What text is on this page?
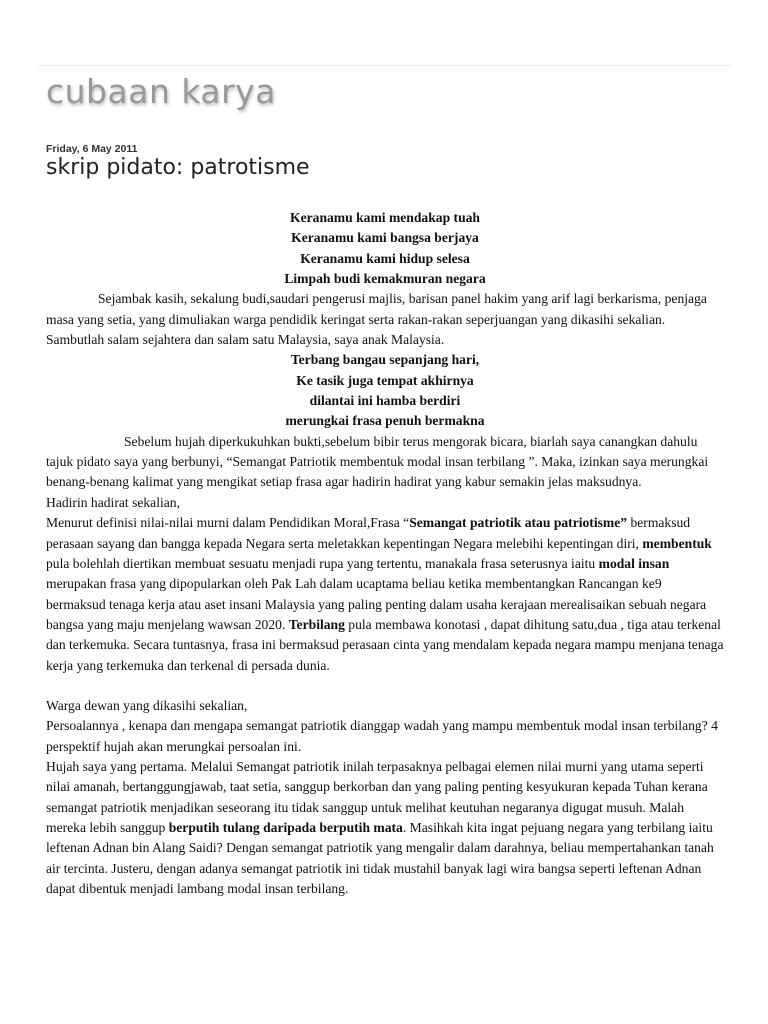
cubaan karya
Friday, 6 May 2011
skrip pidato: patrotisme

Keranamu kami mendakap tuah

Keranamu kami bangsa berjaya

Keranamu kami hidup selesa

Limpah budi kemakmuran negara

Sejambak kasih, sekalung budi,saudari pengerusi majlis, barisan panel hakim yang arif lagi berkarisma, penjaga masa yang setia, yang dimuliakan warga pendidik keringat serta rakan-rakan seperjuangan yang dikasihi sekalian.

Sambutlah salam sejahtera dan salam satu Malaysia, saya anak Malaysia.

Terbang bangau sepanjang hari,

Ke tasik juga tempat akhirnya

dilantai ini hamba berdiri

merungkai frasa penuh bermakna

Sebelum hujah diperkukuhkan bukti,sebelum bibir terus mengorak bicara, biarlah saya canangkan dahulu tajuk pidato saya yang berbunyi, “Semangat Patriotik membentuk modal insan terbilang ”. Maka, izinkan saya merungkai benang-benang kalimat yang mengikat setiap frasa agar hadirin hadirat yang kabur semakin jelas maksudnya.

Hadirin hadirat sekalian,

Menurut definisi nilai-nilai murni dalam Pendidikan Moral,Frasa “Semangat patriotik atau patriotisme” bermaksud perasaan sayang dan bangga kepada Negara serta meletakkan kepentingan Negara melebihi kepentingan diri, membentuk pula bolehlah diertikan membuat sesuatu menjadi rupa yang tertentu, manakala frasa seterusnya iaitu modal insan merupakan frasa yang dipopularkan oleh Pak Lah dalam ucaptama beliau ketika membentangkan Rancangan ke9 bermaksud tenaga kerja atau aset insani Malaysia yang paling penting dalam usaha kerajaan merealisaikan sebuah negara bangsa yang maju menjelang wawsan 2020. Terbilang pula membawa konotasi , dapat dihitung satu,dua , tiga atau terkenal dan terkemuka. Secara tuntasnya, frasa ini bermaksud perasaan cinta yang mendalam kepada negara mampu menjana tenaga kerja yang terkemuka dan terkenal di persada dunia.

Warga dewan yang dikasihi sekalian,

Persoalannya , kenapa dan mengapa semangat patriotik dianggap wadah yang mampu membentuk modal insan terbilang? 4 perspektif hujah akan merungkai persoalan ini.

Hujah saya yang pertama. Melalui Semangat patriotik inilah terpasaknya pelbagai elemen nilai murni yang utama seperti nilai amanah, bertanggungjawab, taat setia, sanggup berkorban dan yang paling penting kesyukuran kepada Tuhan kerana semangat patriotik menjadikan seseorang itu tidak sanggup untuk melihat keutuhan negaranya digugat musuh. Malah mereka lebih sanggup berputih tulang daripada berputih mata. Masihkah kita ingat pejuang negara yang terbilang iaitu leftenan Adnan bin Alang Saidi? Dengan semangat patriotik yang mengalir dalam darahnya, beliau mempertahankan tanah air tercinta. Justeru, dengan adanya semangat patriotik ini tidak mustahil banyak lagi wira bangsa seperti leftenan Adnan dapat dibentuk menjadi lambang modal insan terbilang.
